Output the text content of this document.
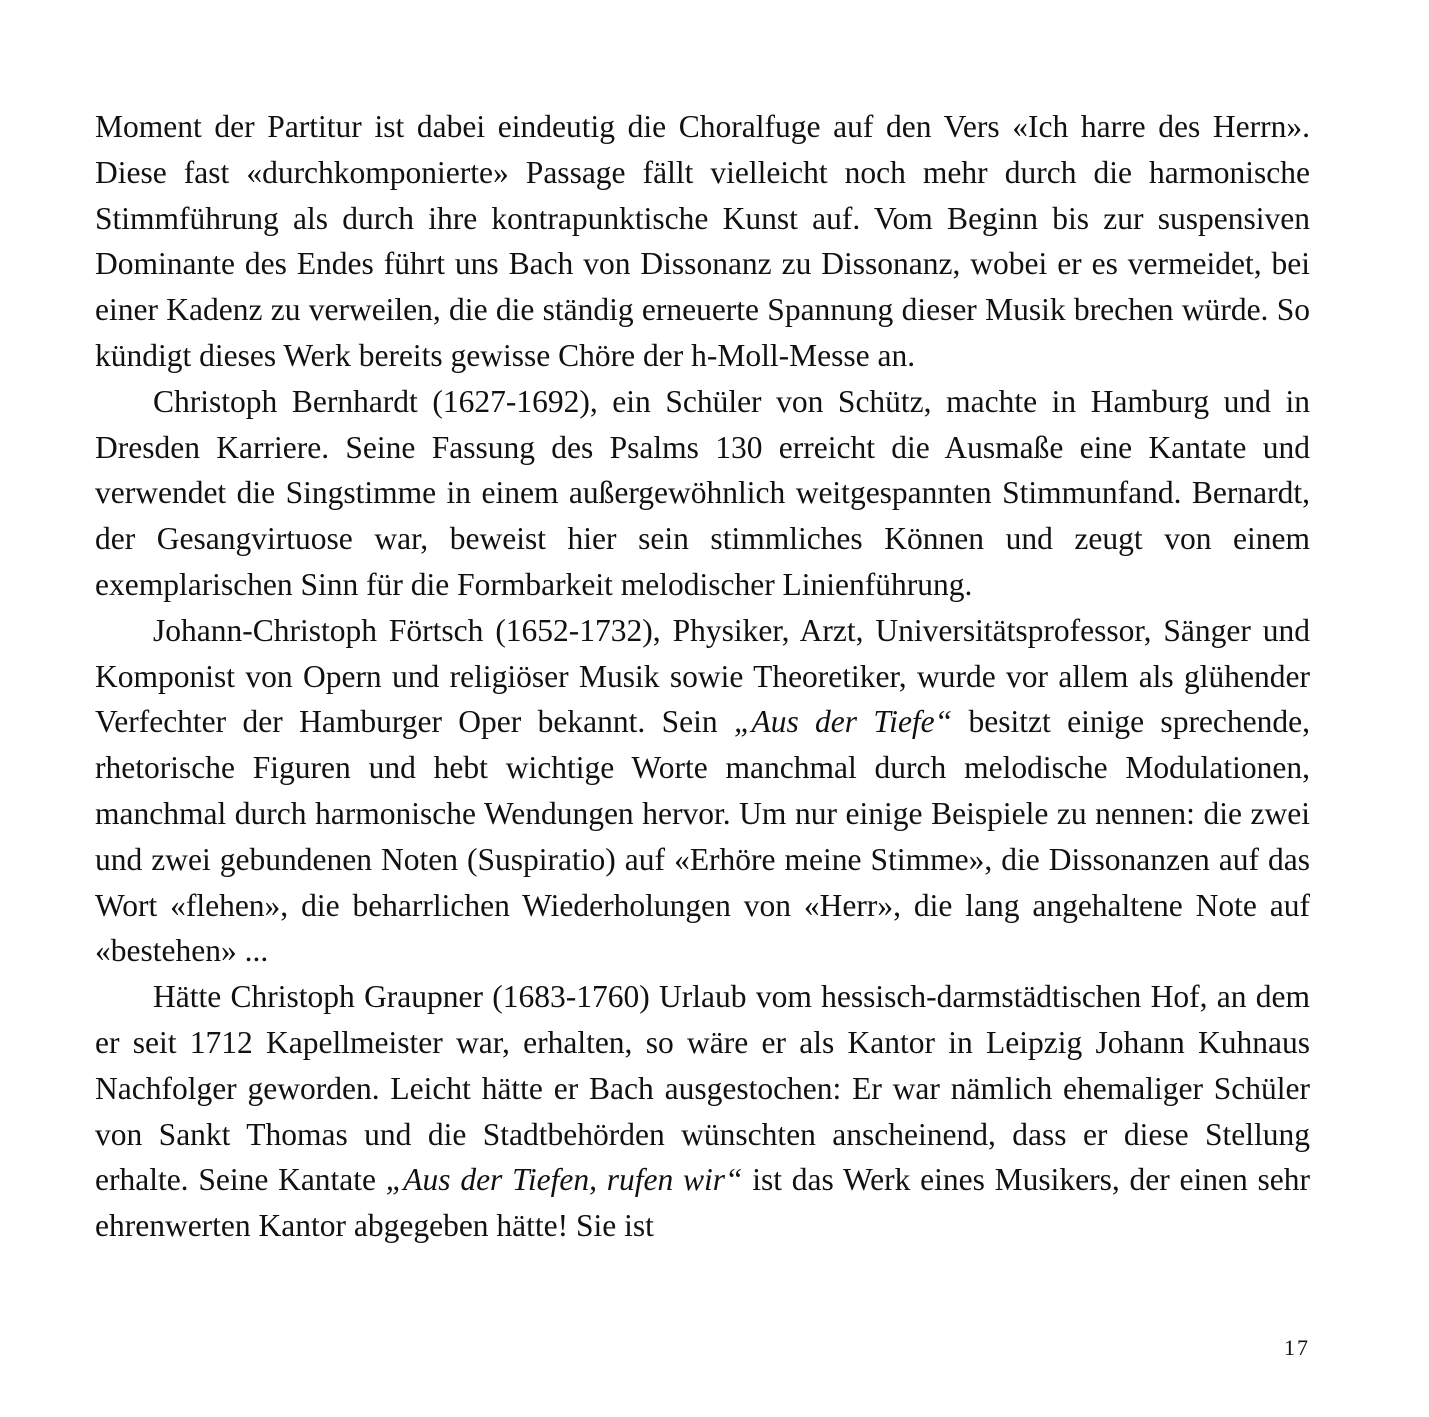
Moment der Partitur ist dabei eindeutig die Choralfuge auf den Vers «Ich harre des Herrn». Diese fast «durchkomponierte» Passage fällt vielleicht noch mehr durch die harmonische Stimmführung als durch ihre kontrapunktische Kunst auf. Vom Beginn bis zur suspensiven Dominante des Endes führt uns Bach von Dissonanz zu Dissonanz, wobei er es vermeidet, bei einer Kadenz zu verweilen, die die ständig erneuerte Spannung dieser Musik brechen würde. So kündigt dieses Werk bereits gewisse Chöre der h-Moll-Messe an.

Christoph Bernhardt (1627-1692), ein Schüler von Schütz, machte in Hamburg und in Dresden Karriere. Seine Fassung des Psalms 130 erreicht die Ausmaße eine Kantate und verwendet die Singstimme in einem außergewöhnlich weitgespannten Stimmunfand. Bernardt, der Gesangvirtuose war, beweist hier sein stimmliches Können und zeugt von einem exemplarischen Sinn für die Formbarkeit melodischer Linienführung.

Johann-Christoph Förtsch (1652-1732), Physiker, Arzt, Universitätsprofessor, Sänger und Komponist von Opern und religiöser Musik sowie Theoretiker, wurde vor allem als glühender Verfechter der Hamburger Oper bekannt. Sein „Aus der Tiefe“ besitzt einige sprechende, rhetorische Figuren und hebt wichtige Worte manchmal durch melodische Modulationen, manchmal durch harmonische Wendungen hervor. Um nur einige Beispiele zu nennen: die zwei und zwei gebundenen Noten (Suspiratio) auf «Erhöre meine Stimme», die Dissonanzen auf das Wort «flehen», die beharrlichen Wiederholungen von «Herr», die lang angehaltene Note auf «bestehen» ...

Hätte Christoph Graupner (1683-1760) Urlaub vom hessisch-darmstädtischen Hof, an dem er seit 1712 Kapellmeister war, erhalten, so wäre er als Kantor in Leipzig Johann Kuhnaus Nachfolger geworden. Leicht hätte er Bach ausgestochen: Er war nämlich ehemaliger Schüler von Sankt Thomas und die Stadtbehörden wünschten anscheinend, dass er diese Stellung erhalte. Seine Kantate „Aus der Tiefen, rufen wir“ ist das Werk eines Musikers, der einen sehr ehrenwerten Kantor abgegeben hätte! Sie ist

17
